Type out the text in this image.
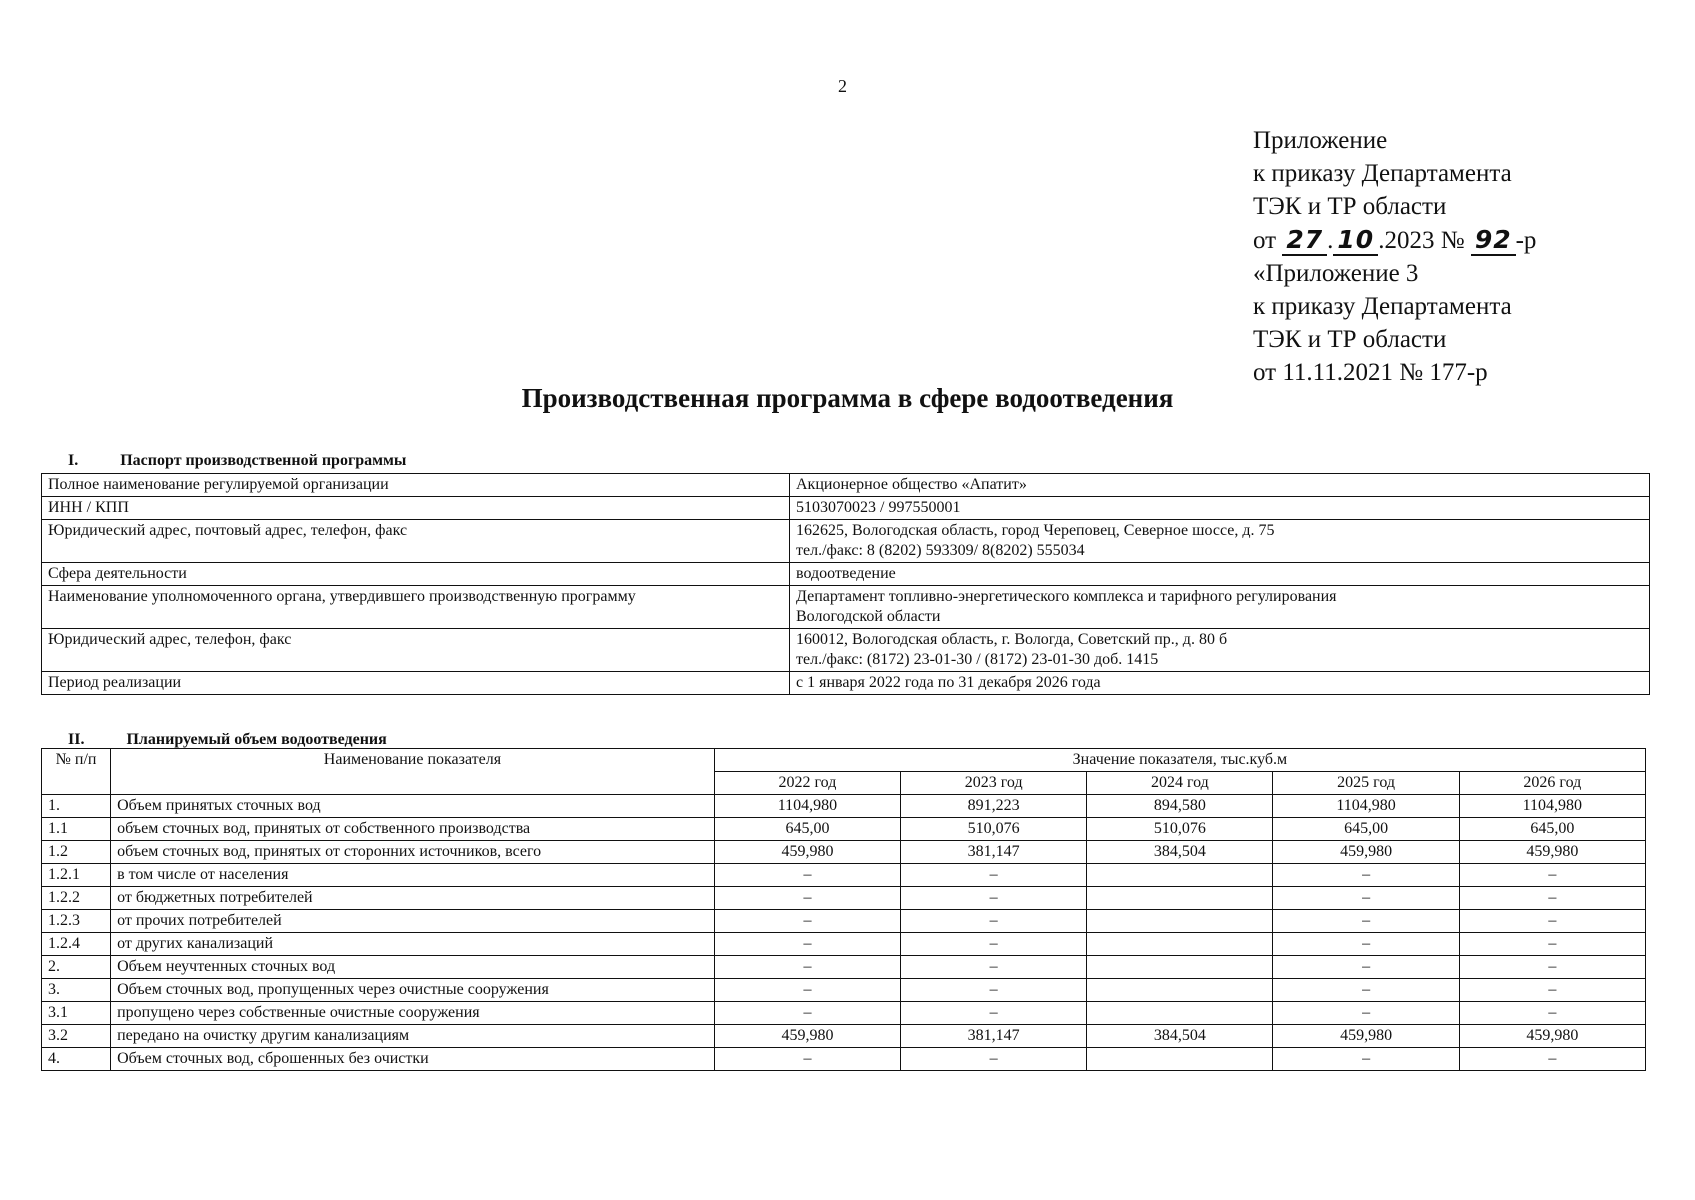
2
Приложение
к приказу Департамента
ТЭК и ТР области
от 27 . 10 .2023 № 92 -р
«Приложение 3
к приказу Департамента
ТЭК и ТР области
от 11.11.2021 № 177-р
Производственная программа в сфере водоотведения
I.	Паспорт производственной программы
Полное наименование регулируемой организации	Акционерное общество «Апатит»

ИНН / КПП	5103070023 / 997550001

Юридический адрес, почтовый адрес, телефон, факс	162625, Вологодская область, город Череповец, Северное шоссе, д. 75
тел./факс: 8 (8202) 593309/ 8(8202) 555034

Сфера деятельности	водоотведение

Наименование уполномоченного органа, утвердившего производственную программу	Департамент топливно-энергетического комплекса и тарифного регулирования
Вологодской области

Юридический адрес, телефон, факс	160012, Вологодская область, г. Вологда, Советский пр., д. 80 б
тел./факс: (8172) 23-01-30 / (8172) 23-01-30 доб. 1415

Период реализации	с 1 января 2022 года по 31 декабря 2026 года
II.	Планируемый объем водоотведения
№ п/п	Наименование показателя	Значение показателя, тыс.куб.м				
		2022 год	2023 год	2024 год	2025 год	2026 год
1.	Объем принятых сточных вод	1104,980	891,223	894,580	1104,980	1104,980
1.1	объем сточных вод, принятых от собственного производства	645,00	510,076	510,076	645,00	645,00
1.2	объем сточных вод, принятых от сторонних источников, всего	459,980	381,147	384,504	459,980	459,980
1.2.1	в том числе от населения	–	–		–	–
1.2.2	от бюджетных потребителей	–	–		–	–
1.2.3	от прочих потребителей	–	–		–	–
1.2.4	от других канализаций	–	–		–	–
2.	Объем неучтенных сточных вод	–	–		–	–
3.	Объем сточных вод, пропущенных через очистные сооружения	–	–		–	–
3.1	пропущено через собственные очистные сооружения	–	–		–	–
3.2	передано на очистку другим канализациям	459,980	381,147	384,504	459,980	459,980
4.	Объем сточных вод, сброшенных без очистки	–	–		–	–
